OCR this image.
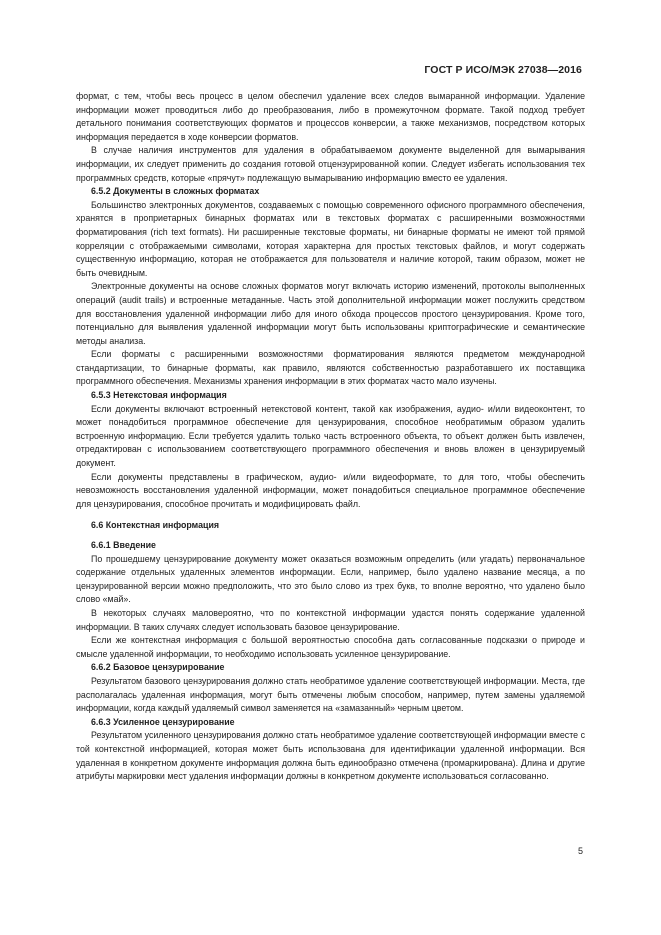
ГОСТ Р ИСО/МЭК 27038—2016

формат, с тем, чтобы весь процесс в целом обеспечил удаление всех следов вымаранной информации. Удаление информации может проводиться либо до преобразования, либо в промежуточном формате. Такой подход требует детального понимания соответствующих форматов и процессов конверсии, а также механизмов, посредством которых информация передается в ходе конверсии форматов.

В случае наличия инструментов для удаления в обрабатываемом документе выделенной для вымарывания информации, их следует применить до создания готовой отцензурированной копии. Следует избегать использования тех программных средств, которые «прячут» подлежащую вымарыванию информацию вместо ее удаления.

6.5.2 Документы в сложных форматах

Большинство электронных документов, создаваемых с помощью современного офисного программного обеспечения, хранятся в проприетарных бинарных форматах или в текстовых форматах с расширенными возможностями форматирования (rich text formats). Ни расширенные текстовые форматы, ни бинарные форматы не имеют той прямой корреляции с отображаемыми символами, которая характерна для простых текстовых файлов, и могут содержать существенную информацию, которая не отображается для пользователя и наличие которой, таким образом, может не быть очевидным.

Электронные документы на основе сложных форматов могут включать историю изменений, протоколы выполненных операций (audit trails) и встроенные метаданные. Часть этой дополнительной информации может послужить средством для восстановления удаленной информации либо для иного обхода процессов простого цензурирования. Кроме того, потенциально для выявления удаленной информации могут быть использованы криптографические и семантические методы анализа.

Если форматы с расширенными возможностями форматирования являются предметом международной стандартизации, то бинарные форматы, как правило, являются собственностью разработавшего их поставщика программного обеспечения. Механизмы хранения информации в этих форматах часто мало изучены.

6.5.3 Нетекстовая информация

Если документы включают встроенный нетекстовой контент, такой как изображения, аудио- и/или видеоконтент, то может понадобиться программное обеспечение для цензурирования, способное необратимым образом удалить встроенную информацию. Если требуется удалить только часть встроенного объекта, то объект должен быть извлечен, отредактирован с использованием соответствующего программного обеспечения и вновь вложен в цензурируемый документ.

Если документы представлены в графическом, аудио- и/или видеоформате, то для того, чтобы обеспечить невозможность восстановления удаленной информации, может понадобиться специальное программное обеспечение для цензурирования, способное прочитать и модифицировать файл.

6.6 Контекстная информация
6.6.1 Введение

По прошедшему цензурирование документу может оказаться возможным определить (или угадать) первоначальное содержание отдельных удаленных элементов информации. Если, например, было удалено название месяца, а по цензурированной версии можно предположить, что это было слово из трех букв, то вполне вероятно, что удалено было слово «май».

В некоторых случаях маловероятно, что по контекстной информации удастся понять содержание удаленной информации. В таких случаях следует использовать базовое цензурирование.

Если же контекстная информация с большой вероятностью способна дать согласованные подсказки о природе и смысле удаленной информации, то необходимо использовать усиленное цензурирование.

6.6.2 Базовое цензурирование

Результатом базового цензурирования должно стать необратимое удаление соответствующей информации. Места, где располагалась удаленная информация, могут быть отмечены любым способом, например, путем замены удаляемой информации, когда каждый удаляемый символ заменяется на «замазанный» черным цветом.

6.6.3 Усиленное цензурирование

Результатом усиленного цензурирования должно стать необратимое удаление соответствующей информации вместе с той контекстной информацией, которая может быть использована для идентификации удаленной информации. Вся удаленная в конкретном документе информация должна быть единообразно отмечена (промаркирована). Длина и другие атрибуты маркировки мест удаления информации должны в конкретном документе использоваться согласованно.

5
